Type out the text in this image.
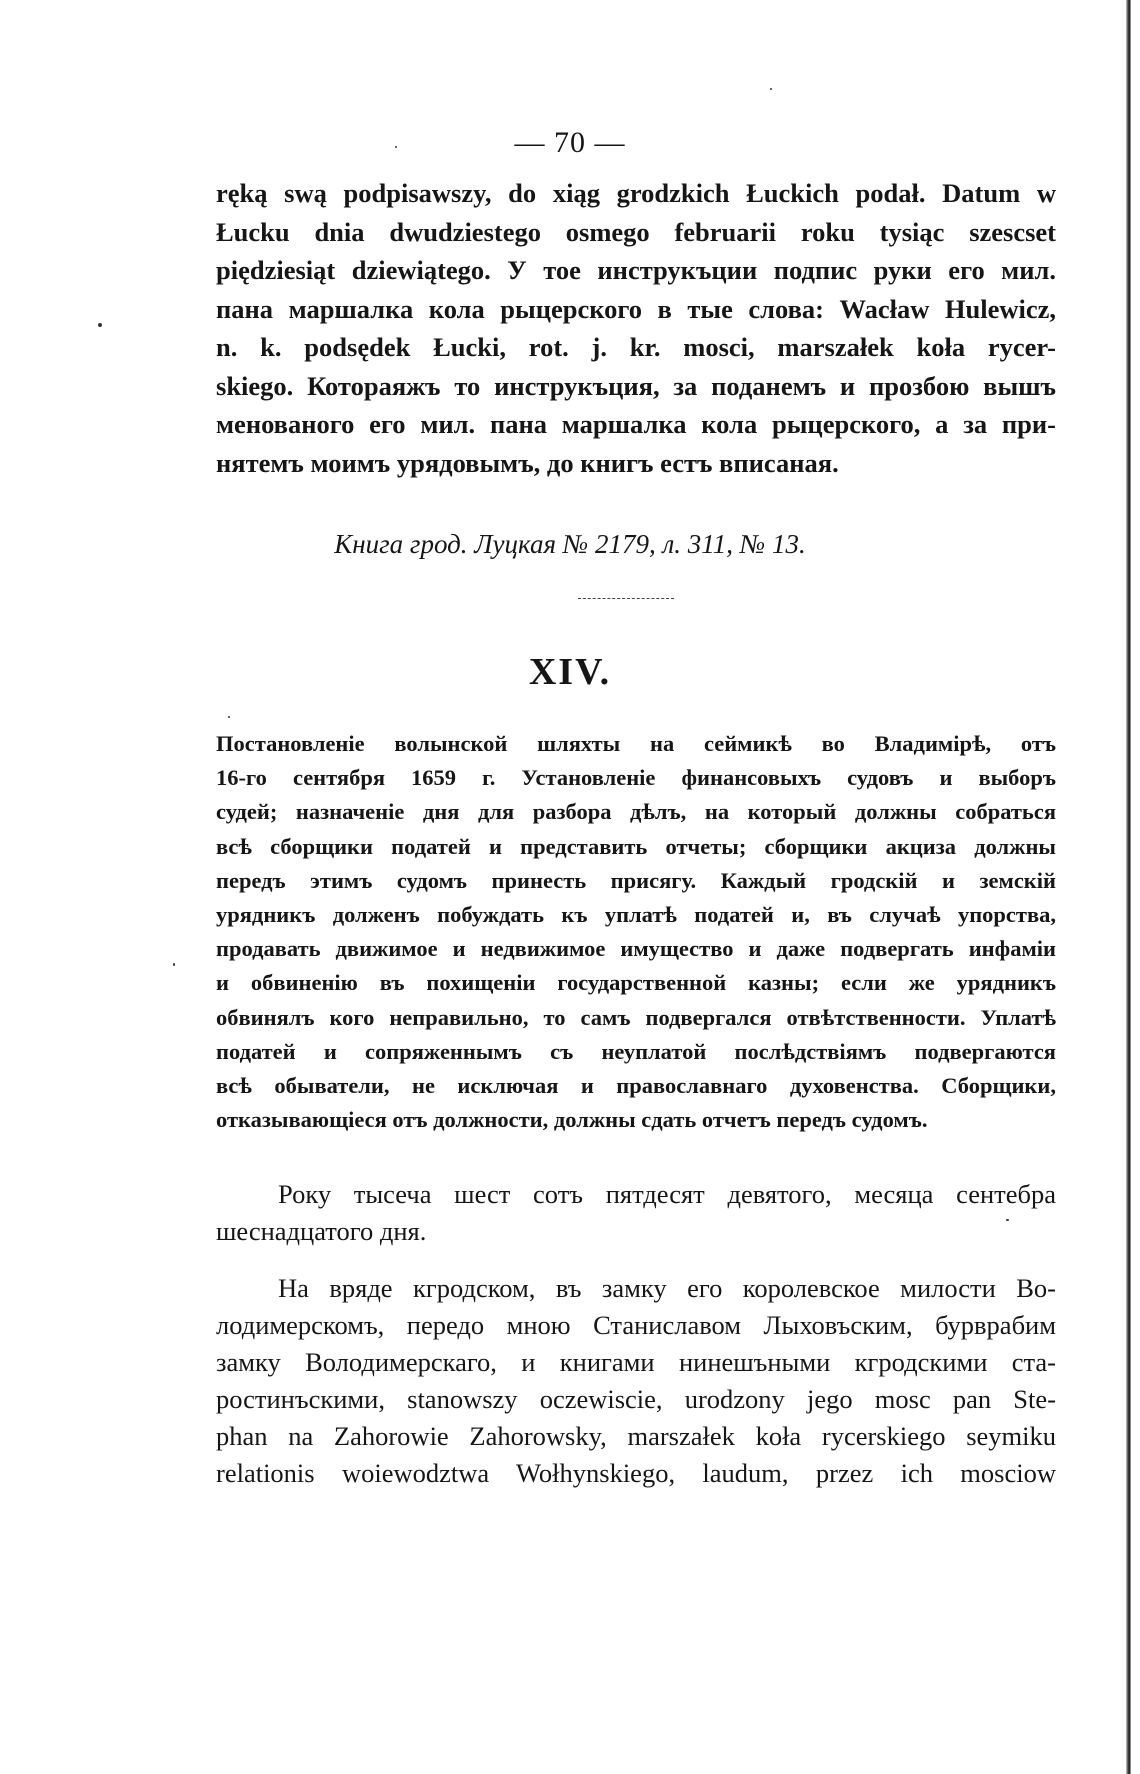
— 70 —
ręką swą podpisawszy, do xiąg grodzkich Łuckich podał. Datum w
Łucku dnia dwudziestego osmego februarii roku tysiąc szescset
piędziesiąt dziewiątego. У тое инструкъции подпис руки его мил.
пана маршалка кола рыцерского в тые слова: Wacław Hulewicz,
n. k. podsędek Łucki, rot. j. kr. mosci, marszałek koła rycer-
skiego. Котораяжъ то инструкъция, за поданемъ и прозбою вышъ
менованого его мил. пана маршалка кола рыцерского, а за при-
нятемъ моимъ урядовымъ, до книгъ естъ вписаная.
Книга грод. Луцкая № 2179, л. 311, № 13.
XIV.
Постановленіе волынской шляхты на сеймикѣ во Владимірѣ, отъ
16-го сентября 1659 г. Установленіе финансовыхъ судовъ и выборъ
судей; назначеніе дня для разбора дѣлъ, на который должны собраться
всѣ сборщики податей и представить отчеты; сборщики акциза должны
передъ этимъ судомъ принесть присягу. Каждый гродскій и земскій
урядникъ долженъ побуждать къ уплатѣ податей и, въ случаѣ упорства,
продавать движимое и недвижимое имущество и даже подвергать инфаміи
и обвиненію въ похищеніи государственной казны; если же урядникъ
обвинялъ кого неправильно, то самъ подвергался отвѣтственности. Уплатѣ
податей и сопряженнымъ съ неуплатой послѣдствіямъ подвергаются
всѣ обыватели, не исключая и православнаго духовенства. Сборщики,
отказывающіеся отъ должности, должны сдать отчетъ передъ судомъ.
Року тысеча шест сотъ пятдесят девятого, месяца сентебра
шеснадцатого дня.
На вряде кгродском, въ замку его королевское милости Во-
лодимерскомъ, передо мною Станиславом Лыховъским, бурврабим
замку Володимерскаго, и книгами нинешъными кгродскими ста-
ростинъскими, stanowszy oczewiscie, urodzony jego mosc pan Ste-
phan na Zahorowie Zahorowsky, marszałek koła rycerskiego seymiku
relationis woiewodztwa Wołhynskiego, laudum, przez ich mosciow
